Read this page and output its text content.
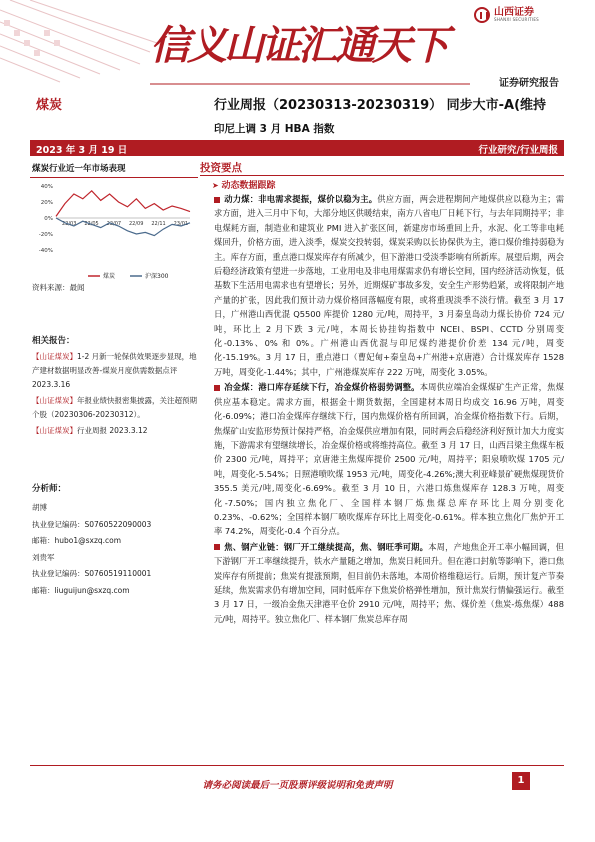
信义山证汇通天下
山西证券
SHANXI SECURITIES
证券研究报告
煤炭	行业周报（20230313-20230319） 同步大市-A(维持
印尼上调 3 月 HBA 指数
2023 年 3 月 19 日	行业研究/行业周报
煤炭行业近一年市场表现
40%
20%
0%
-20%
-40%
22/03 22/05 22/07 22/09 22/11 23/01
煤炭	沪深300
资料来源：最闻
相关报告：
【山证煤炭】1-2 月新一轮保供效果逐步显现，地产建材数据明显改善-煤炭月度供需数据点评 2023.3.16
【山证煤炭】年报业绩快报密集披露，关注超预期个股（20230306-20230312）。
【山证煤炭】行业周报 2023.3.12
分析师：
胡博
执业登记编码：S0760522090003
邮箱：hubo1@sxzq.com
刘贵军
执业登记编码：S0760519110001
邮箱：liuguijun@sxzq.com
投资要点
➤ 动态数据跟踪

动力煤：非电需求提振，煤价以稳为主。供应方面，两会进程期间产地煤供应以稳为主；需求方面，进入三月中下旬，大部分地区供暖结束，南方八省电厂日耗下行，与去年同期持平；非电煤耗方面，制造业和建筑业 PMI 进入扩张区间，新建房市场重回上升，水泥、化工等非电耗煤回升，价格方面，进入淡季，煤炭交投转弱，煤炭采购以长协保供为主，港口煤价维持弱稳为主。库存方面，重点港口煤炭库存有所减少，但下游港口受淡季影响有所新库。展望后期，两会后稳经济政策有望进一步落地，工业用电及非电用煤需求仍有增长空间，国内经济活动恢复，低基数下生活用电需求也有望增长；另外，近期煤矿事故多发，安全生产形势趋紧，或将限制产地产量的扩张，因此我们预计动力煤价格回落幅度有限，或将重现淡季不淡行情。截至 3 月 17 日，广州港山西优混 Q5500 库提价 1280 元/吨，周持平，3 月秦皇岛动力煤长协价 724 元/吨，环比上 2 月下跌 3 元/吨，本周长协挂钩指数中 NCEI、BSPI、CCTD 分别周变化-0.13%、0% 和 0%。广州港山西优混与印尼煤约港提价价差 134 元/吨，周变化-15.19%。3 月 17 日，重点港口（曹妃甸+秦皇岛+广州港+京唐港）合计煤炭库存 1528 万吨，周变化-1.44%；其中，广州港煤炭库存 222 万吨，周变化 3.05%。

冶金煤：港口库存延续下行，冶金煤价格弱势调整。本周供应端冶金煤煤矿生产正常，焦煤供应基本稳定。需求方面，根据金十期货数据，全国建材本周日均成交 16.96 万吨，周变化-6.09%；港口冶金煤库存继续下行，国内焦煤价格有所回调，冶金煤价格指数下行。后期，焦煤矿山安监形势预计保持严格，冶金煤供应增加有限，同时两会后稳经济利好预计加大力度实施，下游需求有望继续增长，冶金煤价格或将维持高位。截至 3 月 17 日，山西吕梁主焦煤车板价 2300 元/吨，周持平；京唐港主焦煤库提价 2500 元/吨，周持平；阳泉喷吹煤 1705 元/吨，周变化-5.54%；日照港喷吹煤 1953 元/吨，周变化-4.26%;澳大利亚峰景矿硬焦煤现货价 355.5 美元/吨,周变化-6.69%。截至 3 月 10 日，六港口炼焦煤库存 128.3 万吨，周变化-7.50%；国内独立焦化厂、全国样本钢厂炼焦煤总库存环比上周分别变化 0.23%、-0.62%；全国样本钢厂喷吹煤库存环比上周变化-0.61%。样本独立焦化厂焦炉开工率 74.2%，周变化-0.4 个百分点。

焦、钢产业链：钢厂开工继续提高，焦、钢旺季可期。本周，产地焦企开工率小幅回调，但下游钢厂开工率继续提升，铁水产量随之增加，焦炭日耗回升。但在港口封航等影响下，港口焦炭库存有所提前；焦炭有提涨预期，但目前仍未落地，本周价格维稳运行。后期，预计复产节奏延续，焦炭需求仍有增加空间，同时低库存下焦炭价格弹性增加，预计焦炭行情偏强运行。截至 3 月 17 日，一级冶金焦天津港平仓价 2910 元/吨，周持平；焦、煤价差（焦炭-炼焦煤）488 元/吨，周持平。独立焦化厂、样本钢厂焦炭总库存周

请务必阅读最后一页股票评级说明和免责声明	1
